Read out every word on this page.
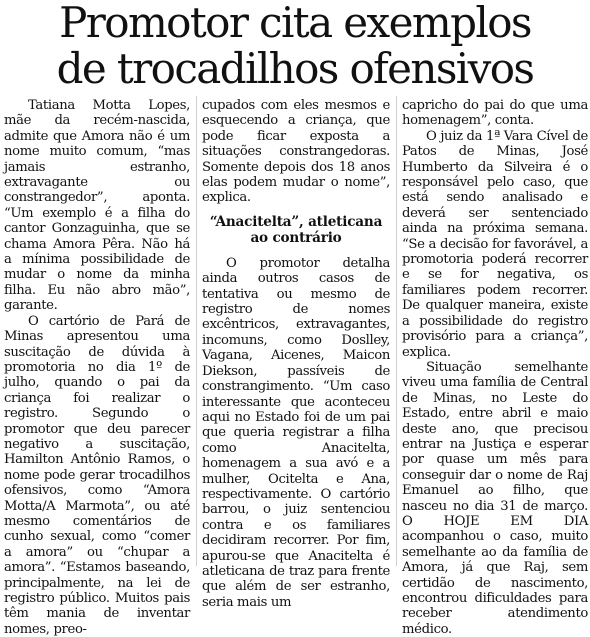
Promotor cita exemplos
de trocadilhos ofensivos

Tatiana Motta Lopes, mãe da recém-nascida, admite que Amora não é um nome muito comum, “mas jamais estranho, extravagante ou constrangedor”, aponta. “Um exemplo é a filha do cantor Gonzaguinha, que se chama Amora Pêra. Não há a mínima possibilidade de mudar o nome da minha filha. Eu não abro mão”, garante.

O cartório de Pará de Minas apresentou uma suscitação de dúvida à promotoria no dia 1º de julho, quando o pai da criança foi realizar o registro. Segundo o promotor que deu parecer negativo a suscitação, Hamilton Antônio Ramos, o nome pode gerar trocadilhos ofensivos, como “Amora Motta/A Marmota”, ou até mesmo comentários de cunho sexual, como “comer a amora” ou “chupar a amora”. “Estamos baseando, principalmente, na lei de registro público. Muitos pais têm mania de inventar nomes, preo-

cupados com eles mesmos e esquecendo a criança, que pode ficar exposta a situações constrangedoras. Somente depois dos 18 anos elas podem mudar o nome”, explica.

“Anacitelta”, atleticana
ao contrário

O promotor detalha ainda outros casos de tentativa ou mesmo de registro de nomes excêntricos, extravagantes, incomuns, como Doslley, Vagana, Aicenes, Maicon Diekson, passíveis de constrangimento. “Um caso interessante que aconteceu aqui no Estado foi de um pai que queria registrar a filha como Anacitelta, homenagem a sua avó e a mulher, Ocitelta e Ana, respectivamente. O cartório barrou, o juiz sentenciou contra e os familiares decidiram recorrer. Por fim, apurou-se que Anacitelta é atleticana de traz para frente que além de ser estranho, seria mais um

capricho do pai do que uma homenagem”, conta.

O juiz da 1ª Vara Cível de Patos de Minas, José Humberto da Silveira é o responsável pelo caso, que está sendo analisado e deverá ser sentenciado ainda na próxima semana. “Se a decisão for favorável, a promotoria poderá recorrer e se for negativa, os familiares podem recorrer. De qualquer maneira, existe a possibilidade do registro provisório para a criança”, explica.

Situação semelhante viveu uma família de Central de Minas, no Leste do Estado, entre abril e maio deste ano, que precisou entrar na Justiça e esperar por quase um mês para conseguir dar o nome de Raj Emanuel ao filho, que nasceu no dia 31 de março. O HOJE EM DIA acompanhou o caso, muito semelhante ao da família de Amora, já que Raj, sem certidão de nascimento, encontrou dificuldades para receber atendimento médico.
